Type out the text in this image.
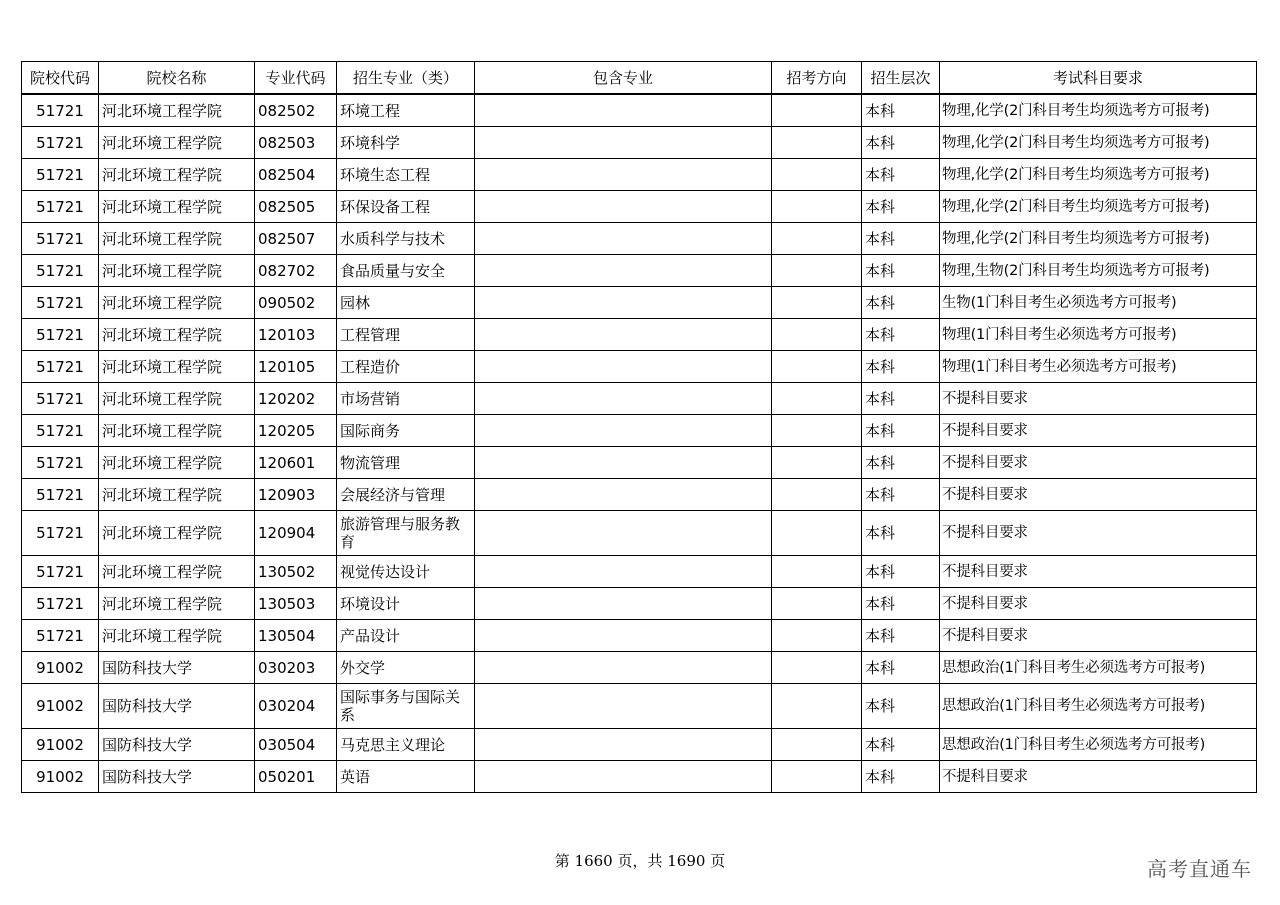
院校代码	院校名称	专业代码	招生专业（类）	包含专业	招考方向	招生层次	考试科目要求
51721	河北环境工程学院	082502	环境工程			本科	物理,化学(2门科目考生均须选考方可报考)
51721	河北环境工程学院	082503	环境科学			本科	物理,化学(2门科目考生均须选考方可报考)
51721	河北环境工程学院	082504	环境生态工程			本科	物理,化学(2门科目考生均须选考方可报考)
51721	河北环境工程学院	082505	环保设备工程			本科	物理,化学(2门科目考生均须选考方可报考)
51721	河北环境工程学院	082507	水质科学与技术			本科	物理,化学(2门科目考生均须选考方可报考)
51721	河北环境工程学院	082702	食品质量与安全			本科	物理,生物(2门科目考生均须选考方可报考)
51721	河北环境工程学院	090502	园林			本科	生物(1门科目考生必须选考方可报考)
51721	河北环境工程学院	120103	工程管理			本科	物理(1门科目考生必须选考方可报考)
51721	河北环境工程学院	120105	工程造价			本科	物理(1门科目考生必须选考方可报考)
51721	河北环境工程学院	120202	市场营销			本科	不提科目要求
51721	河北环境工程学院	120205	国际商务			本科	不提科目要求
51721	河北环境工程学院	120601	物流管理			本科	不提科目要求
51721	河北环境工程学院	120903	会展经济与管理			本科	不提科目要求
51721	河北环境工程学院	120904	旅游管理与服务教育			本科	不提科目要求
51721	河北环境工程学院	130502	视觉传达设计			本科	不提科目要求
51721	河北环境工程学院	130503	环境设计			本科	不提科目要求
51721	河北环境工程学院	130504	产品设计			本科	不提科目要求
91002	国防科技大学	030203	外交学			本科	思想政治(1门科目考生必须选考方可报考)
91002	国防科技大学	030204	国际事务与国际关系			本科	思想政治(1门科目考生必须选考方可报考)
91002	国防科技大学	030504	马克思主义理论			本科	思想政治(1门科目考生必须选考方可报考)
91002	国防科技大学	050201	英语			本科	不提科目要求
第 1660 页，共 1690 页	高考直通车
